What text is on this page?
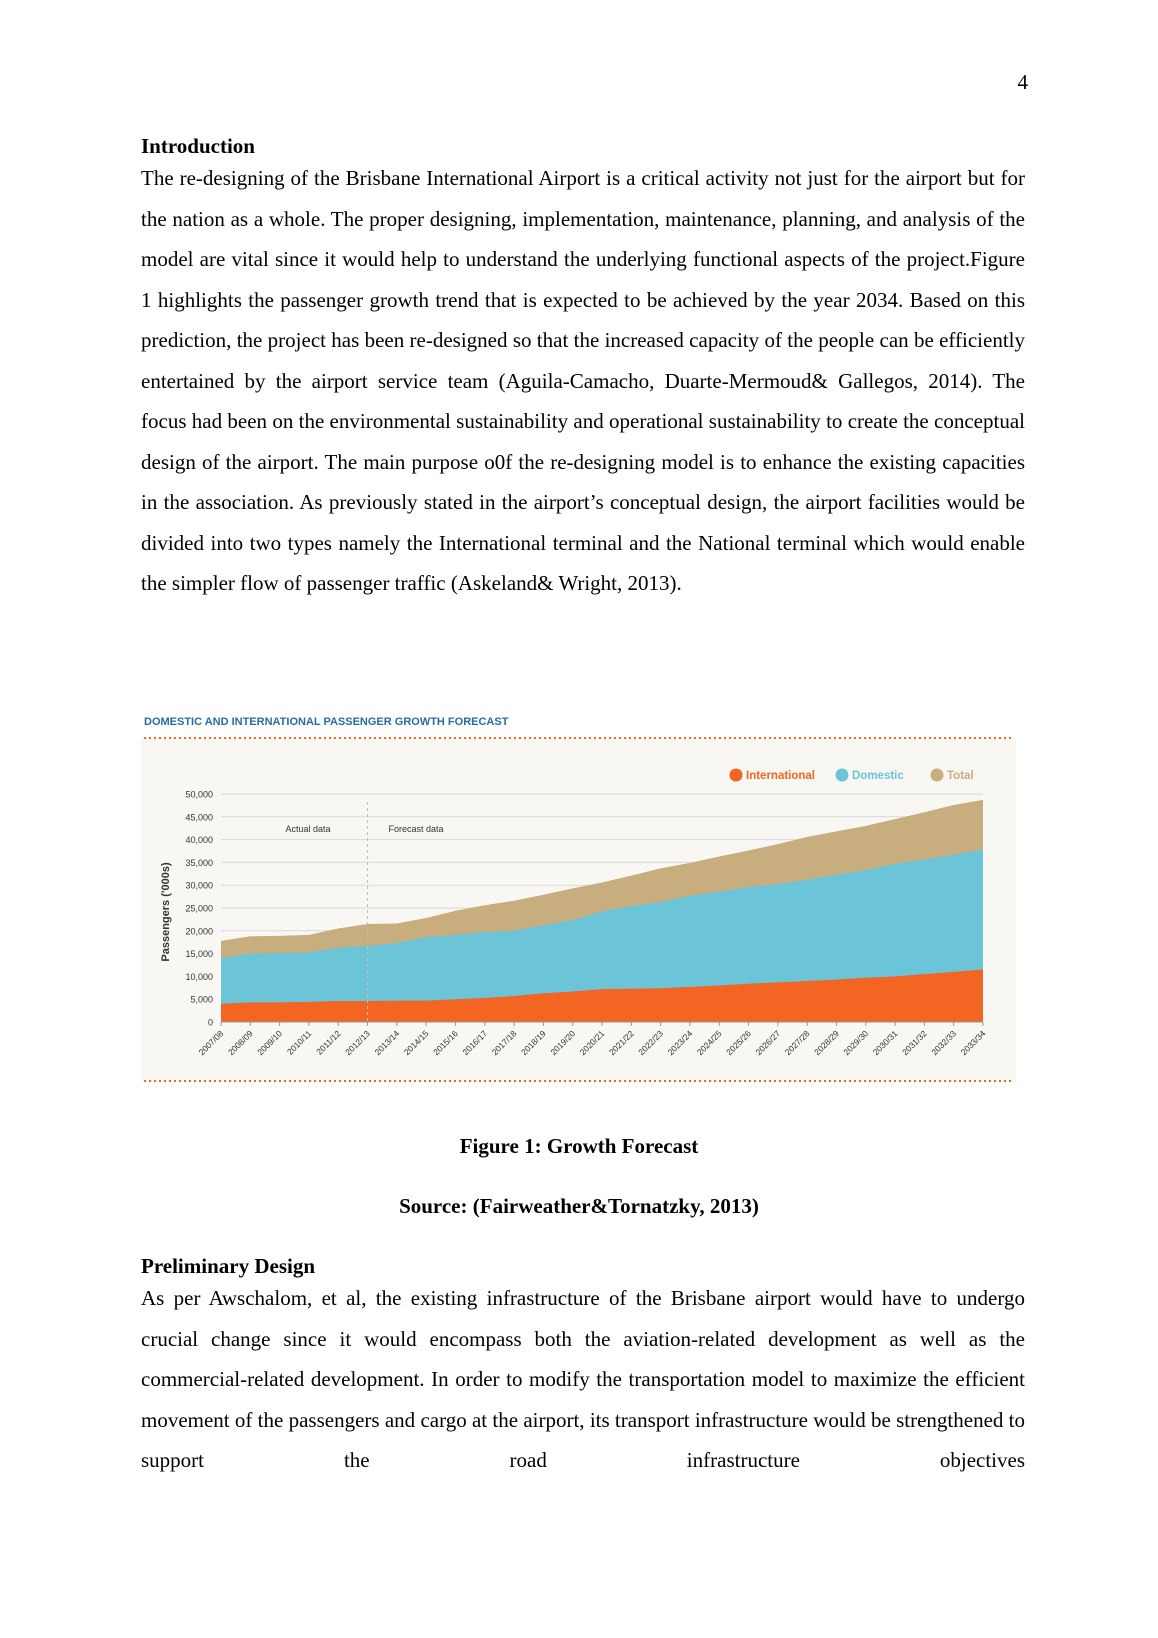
4
Introduction

The re-designing of the Brisbane International Airport is a critical activity not just for the airport but for the nation as a whole. The proper designing, implementation, maintenance, planning, and analysis of the model are vital since it would help to understand the underlying functional aspects of the project.Figure 1 highlights the passenger growth trend that is expected to be achieved by the year 2034. Based on this prediction, the project has been re-designed so that the increased capacity of the people can be efficiently entertained by the airport service team (Aguila-Camacho, Duarte-Mermoud& Gallegos, 2014). The focus had been on the environmental sustainability and operational sustainability to create the conceptual design of the airport. The main purpose o0f the re-designing model is to enhance the existing capacities in the association. As previously stated in the airport’s conceptual design, the airport facilities would be divided into two types namely the International terminal and the National terminal which would enable the simpler flow of passenger traffic (Askeland& Wright, 2013).

DOMESTIC AND INTERNATIONAL PASSENGER GROWTH FORECAST
0
5,000
10,000
15,000
20,000
25,000
30,000
35,000
40,000
45,000
50,000
2007/08 2008/09 2009/10 2010/11 2011/12 2012/13 2013/14 2014/15 2015/16 2016/17 2017/18 2018/19 2019/20 2020/21 2021/22 2022/23 2023/24 2024/25 2025/26 2026/27 2027/28 2028/29 2029/30 2030/31 2031/32 2032/33 2033/34
International	Domestic	Total
Passengers ('000s)
Actual data	Forecast data
Figure 1: Growth Forecast
Source: (Fairweather&Tornatzky, 2013)
Preliminary Design

As per Awschalom, et al, the existing infrastructure of the Brisbane airport would have to undergo crucial change since it would encompass both the aviation-related development as well as the commercial-related development. In order to modify the transportation model to maximize the efficient movement of the passengers and cargo at the airport, its transport infrastructure would be strengthened to support the road infrastructure objectives
